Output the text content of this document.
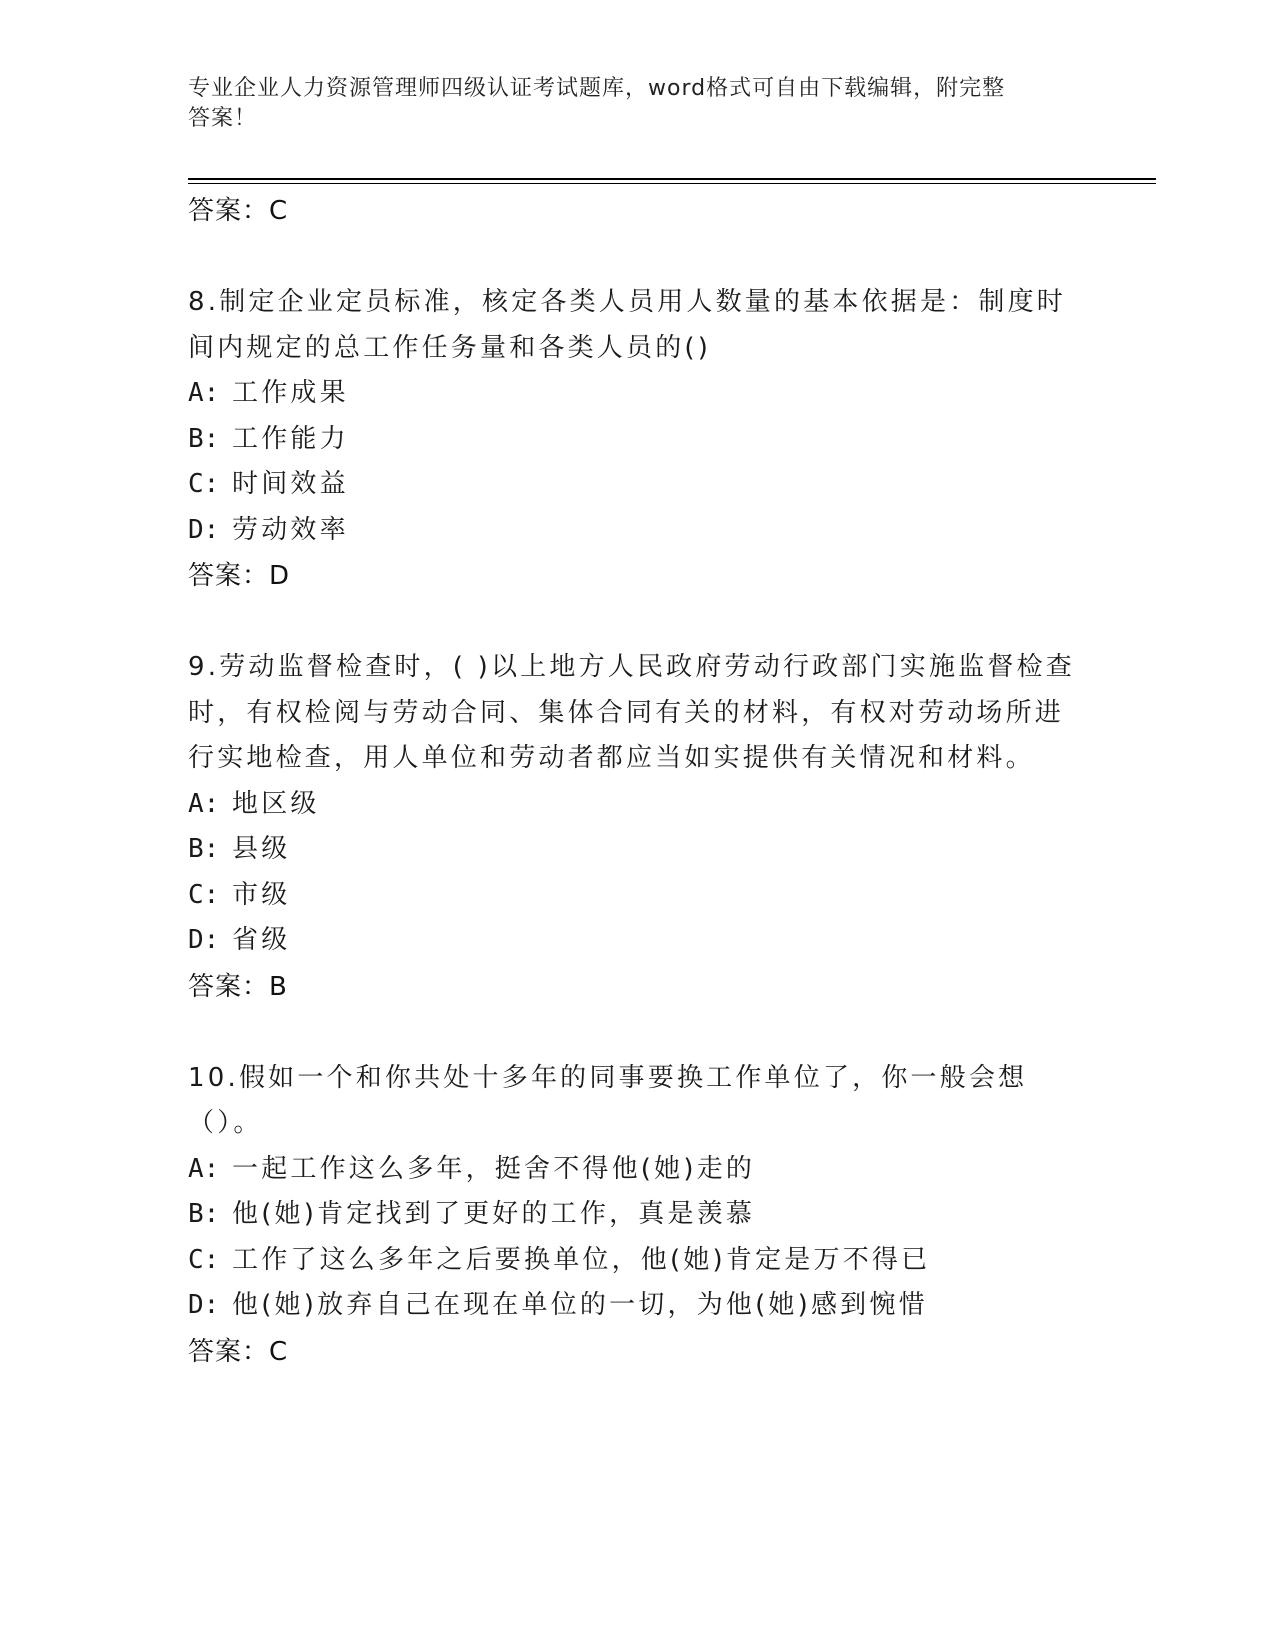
专业企业人力资源管理师四级认证考试题库，word格式可自由下载编辑，附完整
答案！
答案：C
8.制定企业定员标准，核定各类人员用人数量的基本依据是：制度时间内规定的总工作任务量和各类人员的()
A: 工作成果
B: 工作能力
C: 时间效益
D: 劳动效率
答案：D
9.劳动监督检查时，( )以上地方人民政府劳动行政部门实施监督检查时，有权检阅与劳动合同、集体合同有关的材料，有权对劳动场所进行实地检查，用人单位和劳动者都应当如实提供有关情况和材料。
A: 地区级
B: 县级
C: 市级
D: 省级
答案：B
10.假如一个和你共处十多年的同事要换工作单位了，你一般会想（）。
A: 一起工作这么多年，挺舍不得他(她)走的
B: 他(她)肯定找到了更好的工作，真是羡慕
C: 工作了这么多年之后要换单位，他(她)肯定是万不得已
D: 他(她)放弃自己在现在单位的一切，为他(她)感到惋惜
答案：C
